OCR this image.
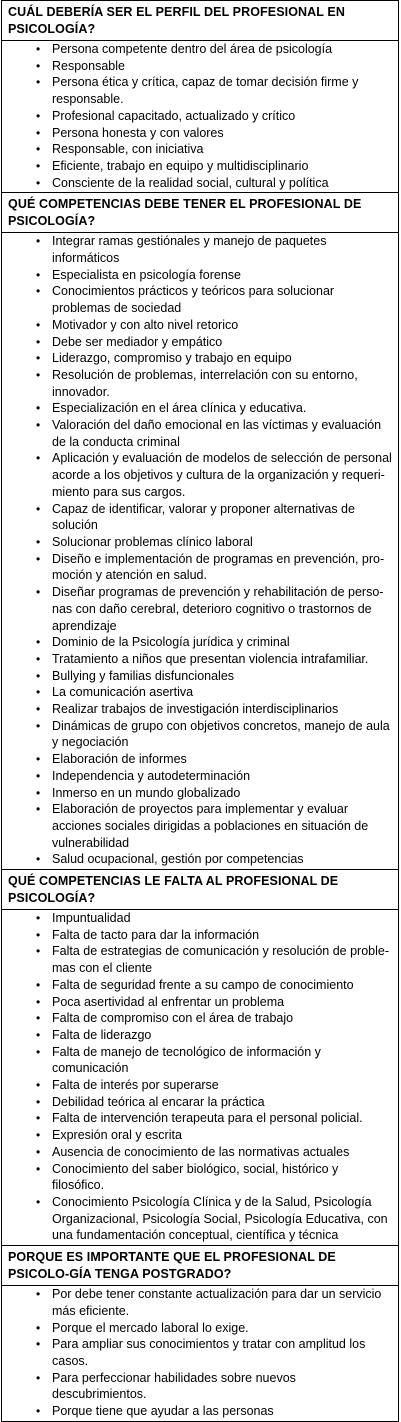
CUÁL DEBERÍA SER EL PERFIL DEL PROFESIONAL EN PSICOLOGÍA?

• Persona competente dentro del área de psicología
• Responsable
• Persona ética y crítica, capaz de tomar decisión firme y responsable.
• Profesional capacitado, actualizado y crítico
• Persona honesta y con valores
• Responsable, con iniciativa
• Eficiente, trabajo en equipo y multidisciplinario
• Consciente de la realidad social, cultural y política

QUÉ COMPETENCIAS DEBE TENER EL PROFESIONAL DE PSICOLOGÍA?

• Integrar ramas gestiónales y manejo de paquetes informáticos
• Especialista en psicología forense
• Conocimientos prácticos y teóricos para solucionar problemas de sociedad
• Motivador y con alto nivel retorico
• Debe ser mediador y empático
• Liderazgo, compromiso y trabajo en equipo
• Resolución de problemas, interrelación con su entorno, innovador.
• Especialización en el área clínica y educativa.
• Valoración del daño emocional en las víctimas y evaluación de la conducta criminal
• Aplicación y evaluación de modelos de selección de personal acorde a los objetivos y cultura de la organización y requeri-miento para sus cargos.
• Capaz de identificar, valorar y proponer alternativas de solución
• Solucionar problemas clínico laboral
• Diseño e implementación de programas en prevención, pro-moción y atención en salud.
• Diseñar programas de prevención y rehabilitación de perso-nas con daño cerebral, deterioro cognitivo o trastornos de aprendizaje
• Dominio de la Psicología jurídica y criminal
• Tratamiento a niños que presentan violencia intrafamiliar.
• Bullying y familias disfuncionales
• La comunicación asertiva
• Realizar trabajos de investigación interdisciplinarios
• Dinámicas de grupo con objetivos concretos, manejo de aula y negociación
• Elaboración de informes
• Independencia y autodeterminación
• Inmerso en un mundo globalizado
• Elaboración de proyectos para implementar y evaluar acciones sociales dirigidas a poblaciones en situación de vulnerabilidad
• Salud ocupacional, gestión por competencias

QUÉ COMPETENCIAS LE FALTA AL PROFESIONAL DE PSICOLOGÍA?

• Impuntualidad
• Falta de tacto para dar la información
• Falta de estrategias de comunicación y resolución de proble-mas con el cliente
• Falta de seguridad frente a su campo de conocimiento
• Poca asertividad al enfrentar un problema
• Falta de compromiso con el área de trabajo
• Falta de liderazgo
• Falta de manejo de tecnológico de información y comunicación
• Falta de interés por superarse
• Debilidad teórica al encarar la práctica
• Falta de intervención terapeuta para el personal policial.
• Expresión oral y escrita
• Ausencia de conocimiento de las normativas actuales
• Conocimiento del saber biológico, social, histórico y filosófico.
• Conocimiento Psicología Clínica y de la Salud, Psicología Organizacional, Psicología Social, Psicología Educativa, con una fundamentación conceptual, científica y técnica

PORQUE ES IMPORTANTE QUE EL PROFESIONAL DE PSICOLO-GÍA TENGA POSTGRADO?

• Por debe tener constante actualización para dar un servicio más eficiente.
• Porque el mercado laboral lo exige.
• Para ampliar sus conocimientos y tratar con amplitud los casos.
• Para perfeccionar habilidades sobre nuevos descubrimientos.
• Porque tiene que ayudar a las personas
